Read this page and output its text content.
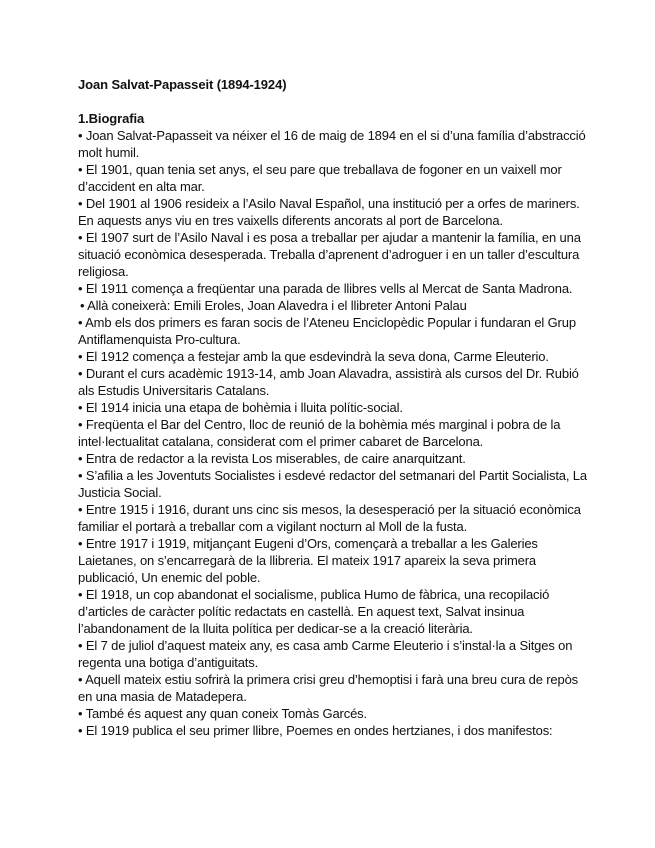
Joan Salvat-Papasseit (1894-1924)

1.Biografia

• Joan Salvat-Papasseit va néixer el 16 de maig de 1894 en el si d’una família d’abstracció molt humil.
• El 1901, quan tenia set anys, el seu pare que treballava de fogoner en un vaixell mor d’accident en alta mar.
• Del 1901 al 1906 resideix a l’Asilo Naval Español, una institució per a orfes de mariners. En aquests anys viu en tres vaixells diferents ancorats al port de Barcelona.
• El 1907 surt de l’Asilo Naval i es posa a treballar per ajudar a mantenir la família, en una situació econòmica desesperada. Treballa d’aprenent d’adroguer i en un taller d’escultura religiosa.
• El 1911 comença a freqüentar una parada de llibres vells al Mercat de Santa Madrona.
• Allà coneixerà: Emili Eroles, Joan Alavedra i el llibreter Antoni Palau
• Amb els dos primers es faran socis de l’Ateneu Enciclopèdic Popular i fundaran el Grup Antiflamenquista Pro-cultura.
• El 1912 comença a festejar amb la que esdevindrà la seva dona, Carme Eleuterio.
• Durant el curs acadèmic 1913-14, amb Joan Alavadra, assistirà als cursos del Dr. Rubió als Estudis Universitaris Catalans.
• El 1914 inicia una etapa de bohèmia i lluita polític-social.
• Freqüenta el Bar del Centro, lloc de reunió de la bohèmia més marginal i pobra de la intel·lectualitat catalana, considerat com el primer cabaret de Barcelona.
• Entra de redactor a la revista Los miserables, de caire anarquitzant.
• S’afilia a les Joventuts Socialistes i esdevé redactor del setmanari del Partit Socialista, La Justicia Social.
• Entre 1915 i 1916, durant uns cinc sis mesos, la desesperació per la situació econòmica familiar el portarà a treballar com a vigilant nocturn al Moll de la fusta.
• Entre 1917 i 1919, mitjançant Eugeni d’Ors, començarà a treballar a les Galeries Laietanes, on s’encarregarà de la llibreria. El mateix 1917 apareix la seva primera publicació, Un enemic del poble.
• El 1918, un cop abandonat el socialisme, publica Humo de fàbrica, una recopilació d’articles de caràcter polític redactats en castellà. En aquest text, Salvat insinua l’abandonament de la lluita política per dedicar-se a la creació literària.
• El 7 de juliol d’aquest mateix any, es casa amb Carme Eleuterio i s’instal·la a Sitges on regenta una botiga d’antiguitats.
• Aquell mateix estiu sofrirà la primera crisi greu d’hemoptisi i farà una breu cura de repòs en una masia de Matadepera.
• També és aquest any quan coneix Tomàs Garcés.
• El 1919 publica el seu primer llibre, Poemes en ondes hertzianes, i dos manifestos:
